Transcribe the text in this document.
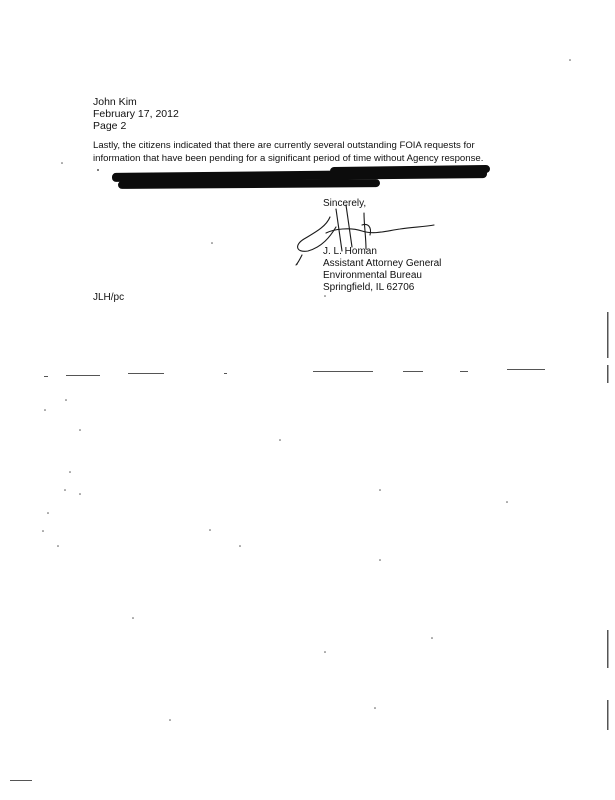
John Kim
February 17, 2012
Page 2
Lastly, the citizens indicated that there are currently several outstanding FOIA requests for
information that have been pending for a significant period of time without Agency response.
Sincerely,
J. L. Homan
Assistant Attorney General
Environmental Bureau
Springfield, IL 62706
JLH/pc
